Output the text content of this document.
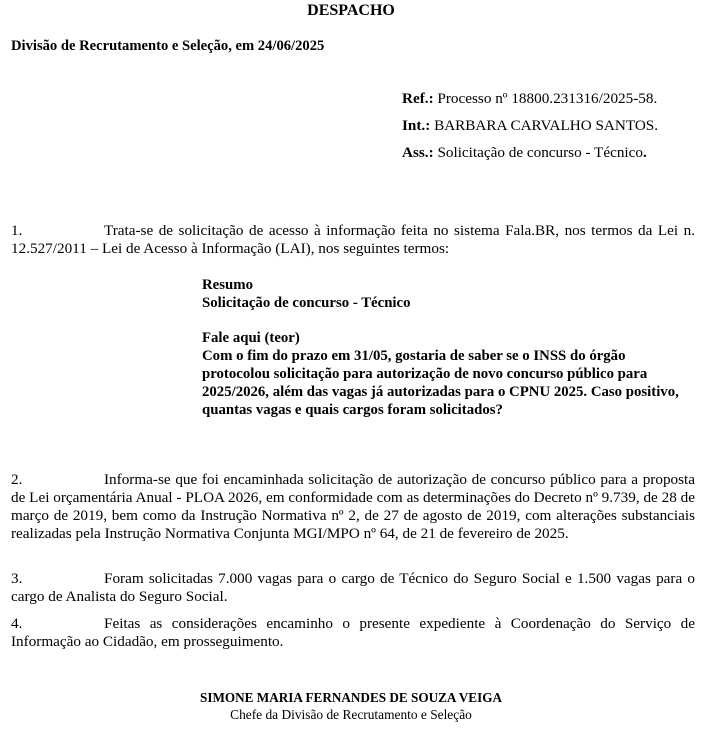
DESPACHO
Divisão de Recrutamento e Seleção, em 24/06/2025
Ref.: Processo nº 18800.231316/2025-58.
Int.: BARBARA CARVALHO SANTOS.
Ass.: Solicitação de concurso - Técnico.
1.	Trata-se de solicitação de acesso à informação feita no sistema Fala.BR, nos termos da Lei n. 12.527/2011 – Lei de Acesso à Informação (LAI), nos seguintes termos:
Resumo
Solicitação de concurso - Técnico
Fale aqui (teor)
Com o fim do prazo em 31/05, gostaria de saber se o INSS do órgão protocolou solicitação para autorização de novo concurso público para 2025/2026, além das vagas já autorizadas para o CPNU 2025. Caso positivo, quantas vagas e quais cargos foram solicitados?
2.	Informa-se que foi encaminhada solicitação de autorização de concurso público para a proposta de Lei orçamentária Anual - PLOA 2026, em conformidade com as determinações do Decreto nº 9.739, de 28 de março de 2019, bem como da Instrução Normativa nº 2, de 27 de agosto de 2019, com alterações substanciais realizadas pela Instrução Normativa Conjunta MGI/MPO nº 64, de 21 de fevereiro de 2025.
3.	Foram solicitadas 7.000 vagas para o cargo de Técnico do Seguro Social e 1.500 vagas para o cargo de Analista do Seguro Social.
4.	Feitas as considerações encaminho o presente expediente à Coordenação do Serviço de Informação ao Cidadão, em prosseguimento.
SIMONE MARIA FERNANDES DE SOUZA VEIGA
Chefe da Divisão de Recrutamento e Seleção
